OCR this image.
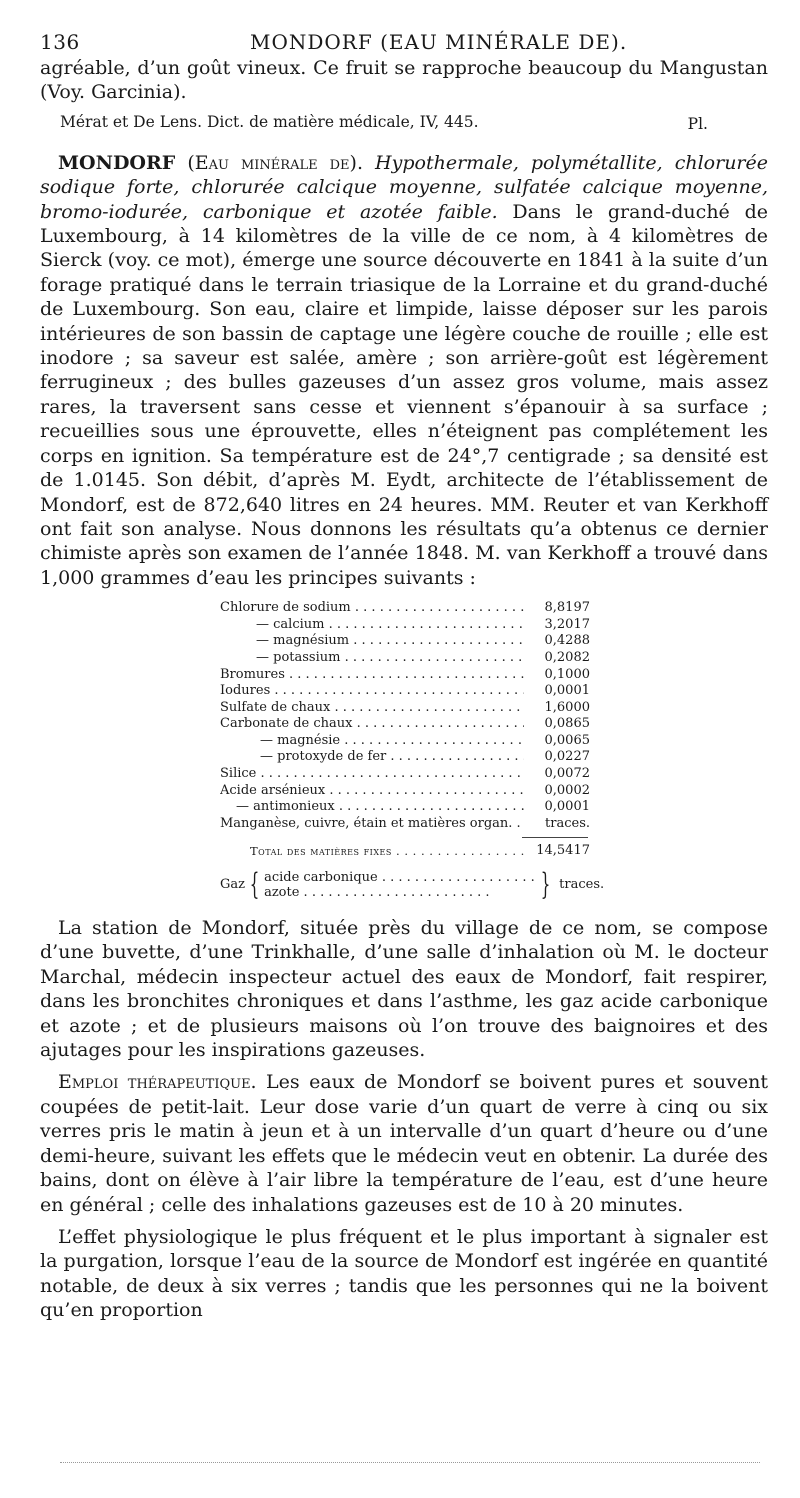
136	MONDORF (EAU MINÉRALE DE).

agréable, d’un goût vineux. Ce fruit se rapproche beaucoup du Mangustan (Voy. Garcinia).

Mérat et De Lens. Dict. de matière médicale, IV, 445.	Pl.

MONDORF (Eau minérale de). Hypothermale, polymétallite, chlorurée sodique forte, chlorurée calcique moyenne, sulfatée calcique moyenne, bromo-iodurée, carbonique et azotée faible. Dans le grand-duché de Luxembourg, à 14 kilomètres de la ville de ce nom, à 4 kilomètres de Sierck (voy. ce mot), émerge une source découverte en 1841 à la suite d’un forage pratiqué dans le terrain triasique de la Lorraine et du grand-duché de Luxembourg. Son eau, claire et limpide, laisse déposer sur les parois intérieures de son bassin de captage une légère couche de rouille ; elle est inodore ; sa saveur est salée, amère ; son arrière-goût est légèrement ferrugineux ; des bulles gazeuses d’un assez gros volume, mais assez rares, la traversent sans cesse et viennent s’épanouir à sa surface ; recueillies sous une éprouvette, elles n’éteignent pas complétement les corps en ignition. Sa température est de 24°,7 centigrade ; sa densité est de 1.0145. Son débit, d’après M. Eydt, architecte de l’établissement de Mondorf, est de 872,640 litres en 24 heures. MM. Reuter et van Kerkhoff ont fait son analyse. Nous donnons les résultats qu’a obtenus ce dernier chimiste après son examen de l’année 1848. M. van Kerkhoff a trouvé dans 1,000 grammes d’eau les principes suivants :

Chlorure de sodium . . .	8,8197
— calcium . . .	3,2017
— magnésium . . .	0,4288
— potassium . . .	0,2082
Bromures . . .	0,1000
Iodures . . .	0,0001
Sulfate de chaux . . .	1,6000
Carbonate de chaux . . .	0,0865
— magnésie . . .	0,0065
— protoxyde de fer . . .	0,0227
Silice . . .	0,0072
Acide arsénieux . . .	0,0002
— antimonieux . . .	0,0001
Manganèse, cuivre, étain et matières organ. . . .	traces.
Total des matières fixes . . .	14,5417
Gaz { acide carbonique . . .
azote . . .	} traces.

La station de Mondorf, située près du village de ce nom, se compose d’une buvette, d’une Trinkhalle, d’une salle d’inhalation où M. le docteur Marchal, médecin inspecteur actuel des eaux de Mondorf, fait respirer, dans les bronchites chroniques et dans l’asthme, les gaz acide carbonique et azote ; et de plusieurs maisons où l’on trouve des baignoires et des ajutages pour les inspirations gazeuses.

Emploi thérapeutique. Les eaux de Mondorf se boivent pures et souvent coupées de petit-lait. Leur dose varie d’un quart de verre à cinq ou six verres pris le matin à jeun et à un intervalle d’un quart d’heure ou d’une demi-heure, suivant les effets que le médecin veut en obtenir. La durée des bains, dont on élève à l’air libre la température de l’eau, est d’une heure en général ; celle des inhalations gazeuses est de 10 à 20 minutes.

L’effet physiologique le plus fréquent et le plus important à signaler est la purgation, lorsque l’eau de la source de Mondorf est ingérée en quantité notable, de deux à six verres ; tandis que les personnes qui ne la boivent qu’en proportion
